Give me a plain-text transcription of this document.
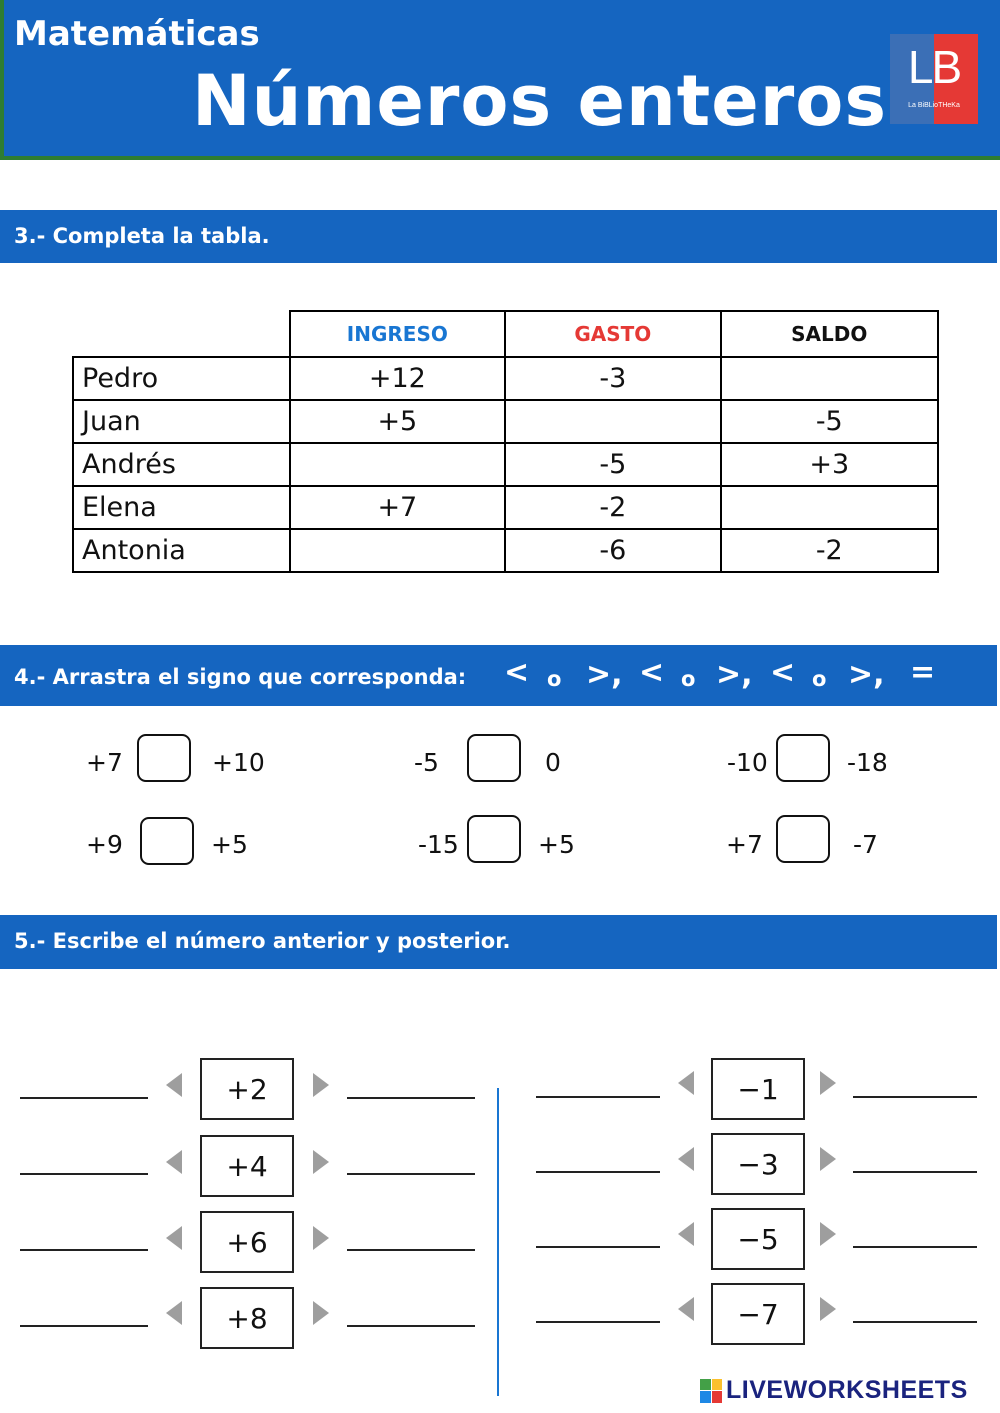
Matemáticas
Números enteros LB
La BiBLioTHeKa
3.- Completa la tabla.
	INGRESO	GASTO	SALDO
Pedro	+12	-3	
Juan	+5		-5
Andrés		-5	+3
Elena	+7	-2	
Antonia		-6	-2
4.- Arrastra el signo que corresponda: < o >, < o >, < o >, =
+7	+10	-5	0	-10	-18
+9	+5	-15	+5	+7	-7
5.- Escribe el número anterior y posterior.
+2
+4
+6
+8
−1
−3
−5
−7
LIVEWORKSHEETS
